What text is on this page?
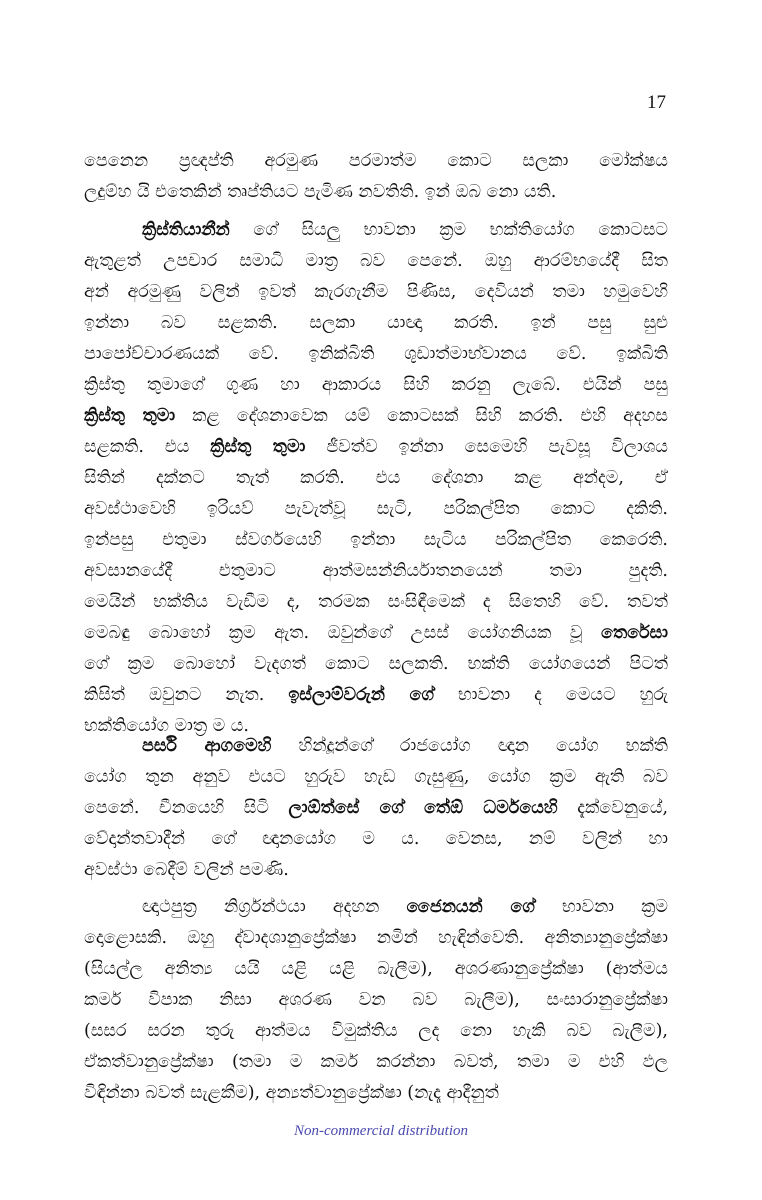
17
පෙනෙන ප්‍රඥප්ති අරමුණ පරමාත්ම කොට සලකා මෝක්ෂය
ලදුම්හ යි එතෙකින් තෘප්තියට පැමිණ නවතිති. ඉන් ඔබ නො යති.
ක්‍රිස්තියානීන් ගේ සියලු භාවනා ක්‍රම භක්තියෝග කොටසට
ඇතුළත් උපචාර සමාධි මාත්‍ර බව පෙනේ. ඔහු ආරම්භයේදී සිත
අන් අරමුණු වලින් ඉවත් කැරගැනීම පිණිස, දෙවියන් තමා හමුවෙහි
ඉන්නා බව සළකති. සලකා යාඥා කරති. ඉන් පසු සුළු
පාපෝච්චාරණයක් වේ. ඉනික්බිති ශුඩාත්මාභ්වානය වේ. ඉක්බිති
ක්‍රිස්තු තුමාගේ ගුණ හා ආකාරය සිහි කරනු ලැබේ. එයින් පසු
ක්‍රිස්තු තුමා කළ දේශනාවෙක යම් කොටසක් සිහි කරති. එහි අදහස
සළකති. එය ක්‍රිස්තු තුමා ජීවත්ව ඉන්නා සෙමෙහි පැවසූ විලාශය
සිතින් දක්නට තැත් කරති. එය දේශනා කළ අන්දම, ඒ
අවස්ථාවෙහි ඉරියව් පැවැත්වූ සැටි, පරිකල්පිත කොට දකිති.
ඉන්පසු එතුමා ස්වර්ගයෙහි ඉන්නා සැටිය පරිකල්පිත කෙරෙති.
අවසානයේදී එතුමාට ආත්මසන්නිර්යාතනයෙන් තමා පුදති.
මෙයින් භක්තිය වැඩීම ද, තරමක සංසිඳීමෙක් ද සිතෙහි වේ. තවත්
මෙබඳු බොහෝ ක්‍රම ඇත. ඔවුන්ගේ උසස් යෝගනියක වූ තෙරේසා
ගේ ක්‍රම බොහෝ වැදගත් කොට සලකති. භක්ති යෝගයෙන් පිටත්
කිසිත් ඔවුනට නැත. ඉස්ලාම්වරුන් ගේ භාවනා ද මෙයට හුරු
භක්තියෝග මාත්‍ර ම ය.
පර්සි ආගමෙහි හින්දූන්ගේ රාජයෝග ඥාන යෝග භක්ති
යෝග තුන අනුව එයට හුරුව හැඩ ගැසුණු, යෝග ක්‍රම ඇති බව
පෙනේ. චීනයෙහි සිටි ලාඕත්සේ ගේ තේඕ ධර්මයෙහි දැක්වෙනුයේ,
වේදාන්තවාදීන් ගේ ඥානයෝග ම ය. වෙනස, නම් වලින් හා
අවස්ථා බෙදීම් වලින් පමණි.
ඥාථපුත්‍ර නිර්ග්‍රන්ථයා අදහන ජෛනයන් ගේ භාවනා ක්‍රම
දොළොසකි. ඔහු ද්වාදශානුප්‍රේක්ෂා නමින් හැඳින්වෙති. අනිත්‍යානුප්‍රේක්ෂා
(සියල්ල අනිත්‍ය යයි යළි යළි බැලීම), අශරණානුප්‍රේක්ෂා (ආත්මය
කර්ම විපාක නිසා අශරණ වන බව බැලීම), සංසාරානුප්‍රේක්ෂා
(සසර සරන තුරු ආත්මය විමුක්තිය ලද නො හැකි බව බැලීම),
ඒකත්වානුප්‍රේක්ෂා (තමා ම කර්ම කරන්නා බවත්, තමා ම එහි ඵල
විඳින්නා බවත් සැළකීම), අන්‍යත්වානුප්‍රේක්ෂා (නැදෑ ආදීනුත්
Non-commercial distribution
